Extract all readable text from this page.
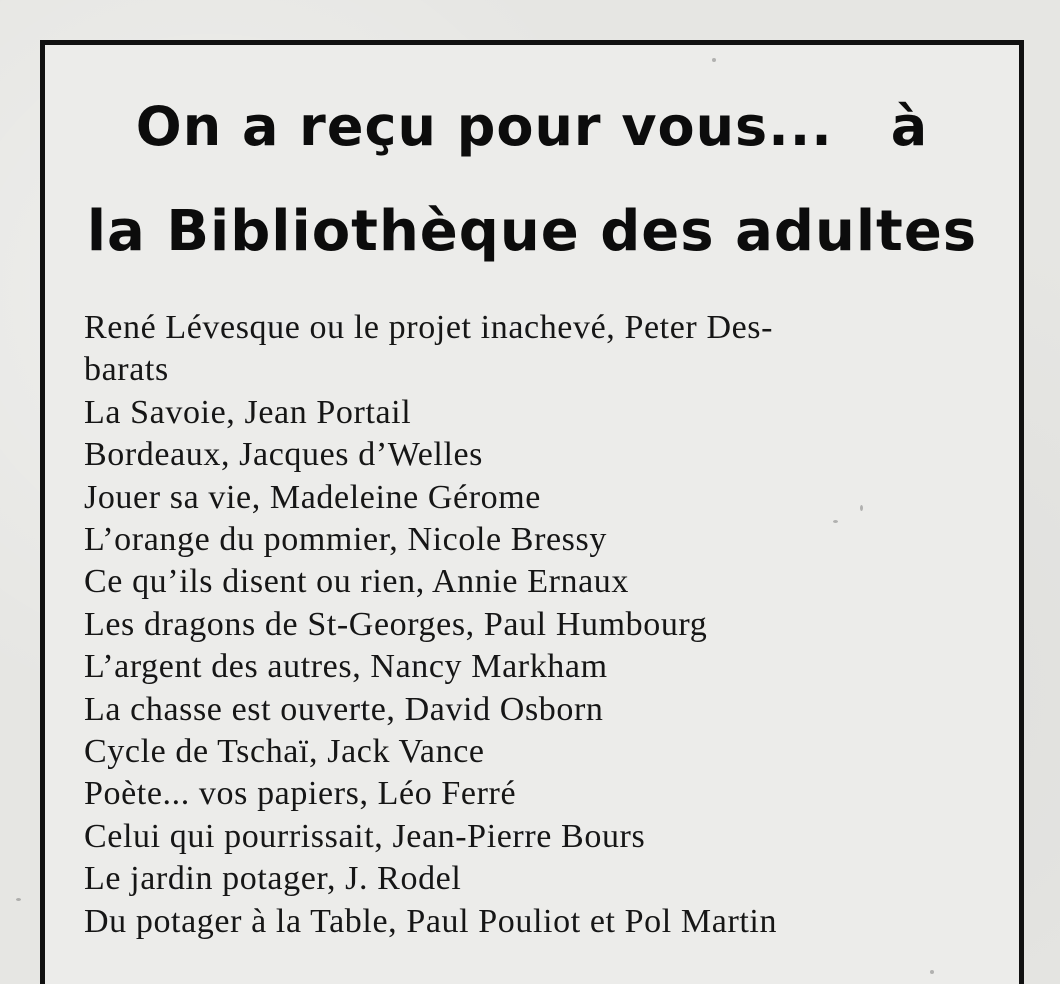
On a reçu pour vous... à
la Bibliothèque des adultes
René Lévesque ou le projet inachevé, Peter Des-
barats
La Savoie, Jean Portail
Bordeaux, Jacques d’Welles
Jouer sa vie, Madeleine Gérome
L’orange du pommier, Nicole Bressy
Ce qu’ils disent ou rien, Annie Ernaux
Les dragons de St-Georges, Paul Humbourg
L’argent des autres, Nancy Markham
La chasse est ouverte, David Osborn
Cycle de Tschaï, Jack Vance
Poète... vos papiers, Léo Ferré
Celui qui pourrissait, Jean-Pierre Bours
Le jardin potager, J. Rodel
Du potager à la Table, Paul Pouliot et Pol Martin
